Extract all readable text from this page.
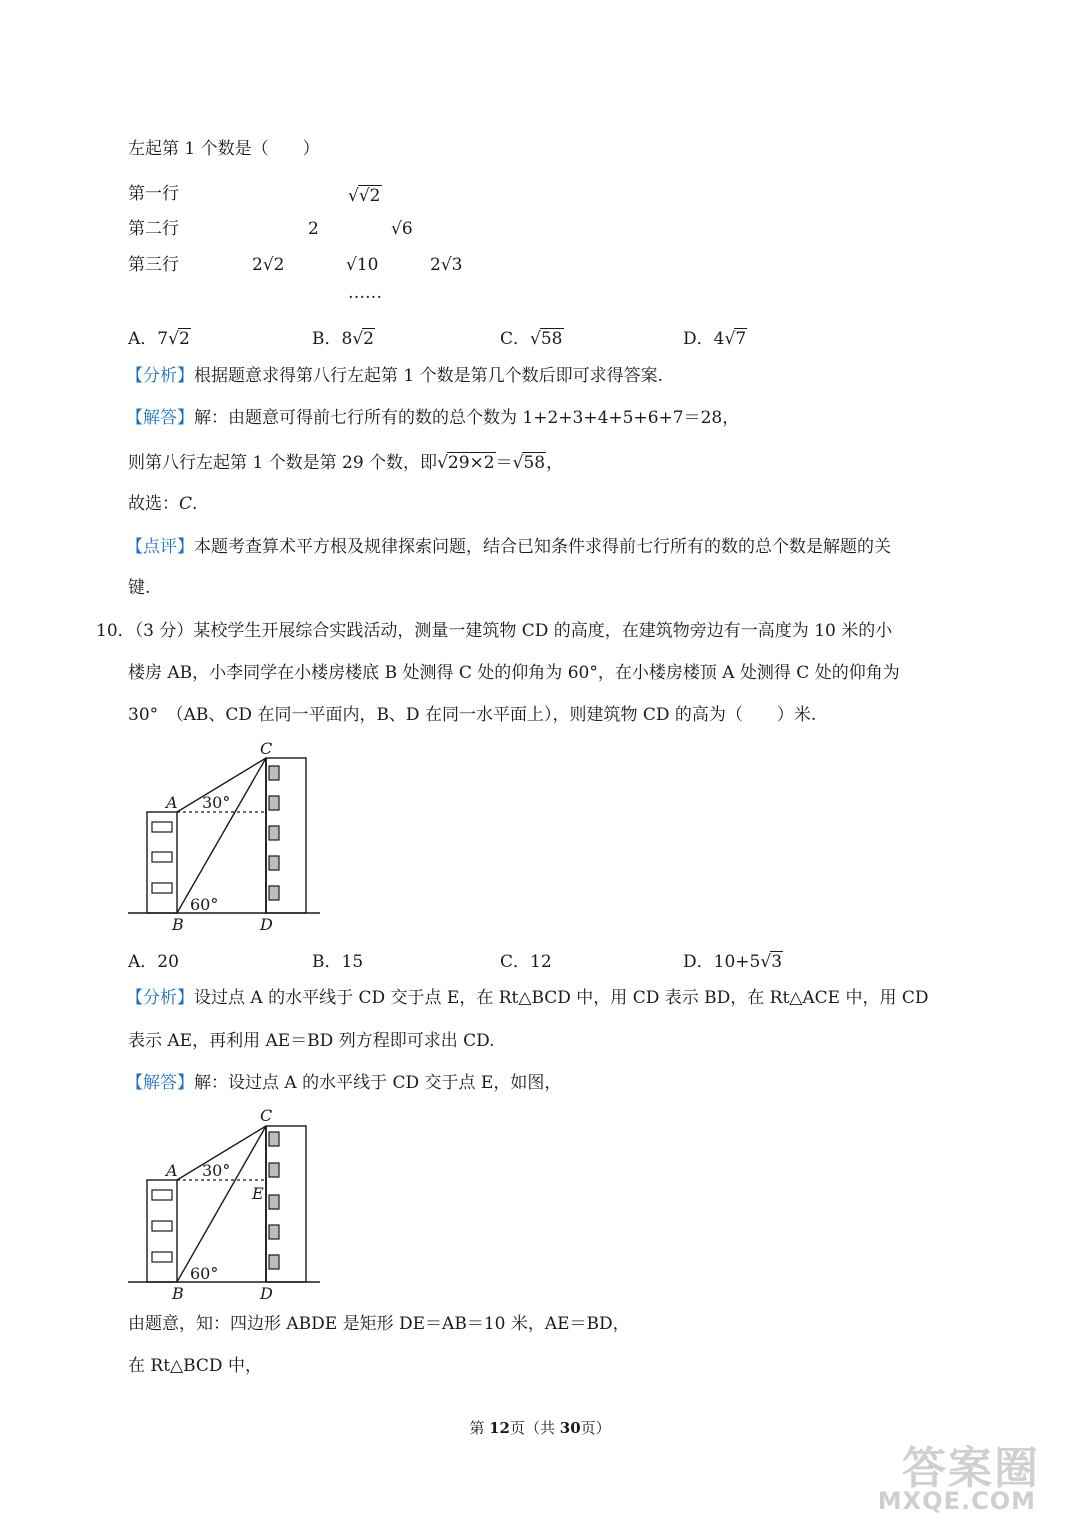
左起第 1 个数是（　　）
第一行	√√2
第二行	2	√6
第三行	2√2	√10	2√3
……
A．7√2	B．8√2	C．√58	D．4√7
【分析】根据题意求得第八行左起第 1 个数是第几个数后即可求得答案.
【解答】解：由题意可得前七行所有的数的总个数为 1+2+3+4+5+6+7＝28，
则第八行左起第 1 个数是第 29 个数，即√29×2＝√58，
故选：C.
【点评】本题考查算术平方根及规律探索问题，结合已知条件求得前七行所有的数的总个数是解题的关
键.
10．（3 分）某校学生开展综合实践活动，测量一建筑物 CD 的高度，在建筑物旁边有一高度为 10 米的小
楼房 AB，小李同学在小楼房楼底 B 处测得 C 处的仰角为 60°，在小楼房楼顶 A 处测得 C 处的仰角为
30°　（AB、CD 在同一平面内，B、D 在同一水平面上），则建筑物 CD 的高为（　　）米.
C
A 30°
60°
B	D
A．20	B．15	C．12	D．10+5√3
【分析】设过点 A 的水平线于 CD 交于点 E，在 Rt△BCD 中，用 CD 表示 BD，在 Rt△ACE 中，用 CD
表示 AE，再利用 AE＝BD 列方程即可求出 CD.
【解答】解：设过点 A 的水平线于 CD 交于点 E，如图，
C
A 30°
E
60°
B	D
由题意，知：四边形 ABDE 是矩形 DE＝AB＝10 米，AE＝BD，
在 Rt△BCD 中，
第 12页（共 30页）
答案圈
MXQE.COM
